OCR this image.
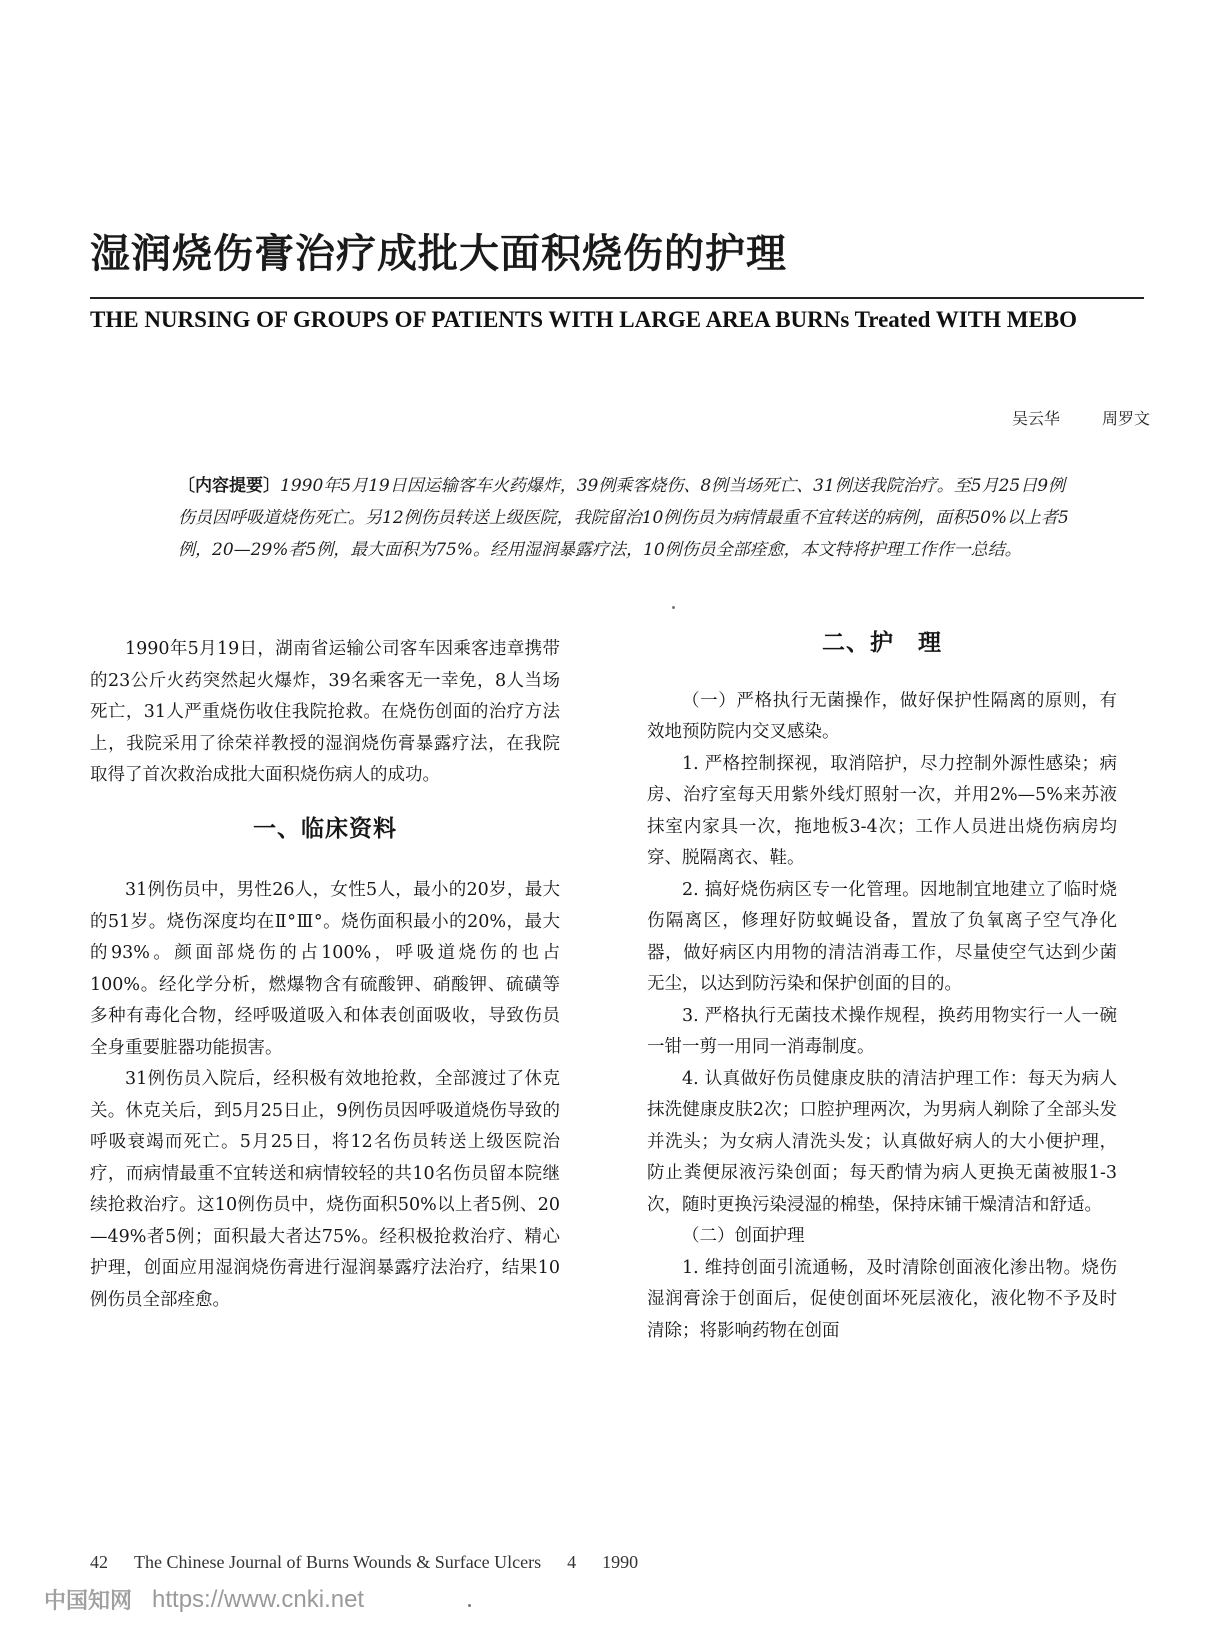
湿润烧伤膏治疗成批大面积烧伤的护理
THE NURSING OF GROUPS OF PATIENTS WITH LARGE AREA BURNs Treated WITH MEBO
吴云华	周罗文

〔内容提要〕1990年5月19日因运输客车火药爆炸，39例乘客烧伤、8例当场死亡、31例送我院治疗。至5月25日9例伤员因呼吸道烧伤死亡。另12例伤员转送上级医院，我院留治10例伤员为病情最重不宜转送的病例，面积50%以上者5例，20—29%者5例，最大面积为75%。经用湿润暴露疗法，10例伤员全部痊愈，本文特将护理工作作一总结。

1990年5月19日，湖南省运输公司客车因乘客违章携带的23公斤火药突然起火爆炸，39名乘客无一幸免，8人当场死亡，31人严重烧伤收住我院抢救。在烧伤创面的治疗方法上，我院采用了徐荣祥教授的湿润烧伤膏暴露疗法，在我院取得了首次救治成批大面积烧伤病人的成功。

一、临床资料

31例伤员中，男性26人，女性5人，最小的20岁，最大的51岁。烧伤深度均在Ⅱ°Ⅲ°。烧伤面积最小的20%，最大的93%。颜面部烧伤的占100%，呼吸道烧伤的也占100%。经化学分析，燃爆物含有硫酸钾、硝酸钾、硫磺等多种有毒化合物，经呼吸道吸入和体表创面吸收，导致伤员全身重要脏器功能损害。

31例伤员入院后，经积极有效地抢救，全部渡过了休克关。休克关后，到5月25日止，9例伤员因呼吸道烧伤导致的呼吸衰竭而死亡。5月25日，将12名伤员转送上级医院治疗，而病情最重不宜转送和病情较轻的共10名伤员留本院继续抢救治疗。这10例伤员中，烧伤面积50%以上者5例、20—49%者5例；面积最大者达75%。经积极抢救治疗、精心护理，创面应用湿润烧伤膏进行湿润暴露疗法治疗，结果10例伤员全部痊愈。

二、护　理

（一）严格执行无菌操作，做好保护性隔离的原则，有效地预防院内交叉感染。

1. 严格控制探视，取消陪护，尽力控制外源性感染；病房、治疗室每天用紫外线灯照射一次，并用2%—5%来苏液抹室内家具一次，拖地板3-4次；工作人员进出烧伤病房均穿、脱隔离衣、鞋。

2. 搞好烧伤病区专一化管理。因地制宜地建立了临时烧伤隔离区，修理好防蚊蝇设备，置放了负氧离子空气净化器，做好病区内用物的清洁消毒工作，尽量使空气达到少菌无尘，以达到防污染和保护创面的目的。

3. 严格执行无菌技术操作规程，换药用物实行一人一碗一钳一剪一用同一消毒制度。

4. 认真做好伤员健康皮肤的清洁护理工作：每天为病人抹洗健康皮肤2次；口腔护理两次，为男病人剃除了全部头发并洗头；为女病人清洗头发；认真做好病人的大小便护理，防止粪便尿液污染创面；每天酌情为病人更换无菌被服1-3次，随时更换污染浸湿的棉垫，保持床铺干燥清洁和舒适。

（二）创面护理

1. 维持创面引流通畅，及时清除创面液化渗出物。烧伤湿润膏涂于创面后，促使创面坏死层液化，液化物不予及时清除；将影响药物在创面

42 The Chinese Journal of Burns Wounds & Surface Ulcers 4 1990
中国知网 https://www.cnki.net
